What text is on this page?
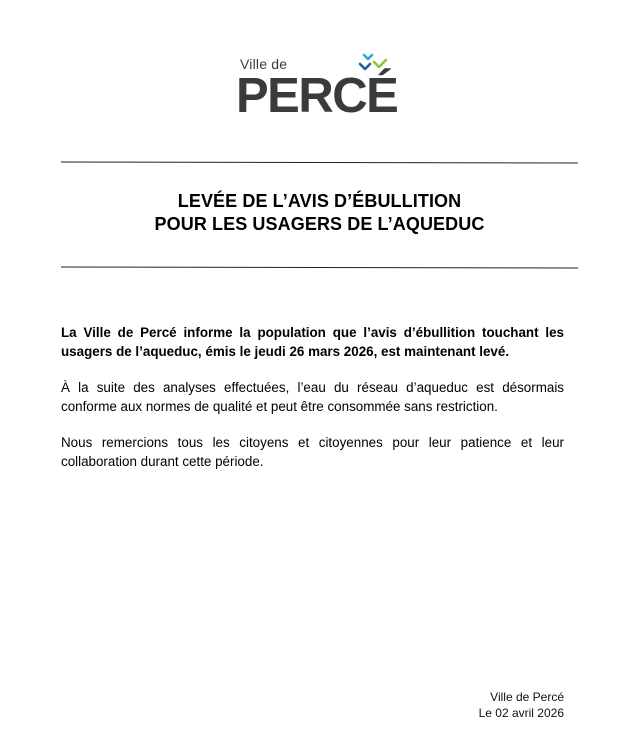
Ville de
PERCÉ
LEVÉE DE L’AVIS D’ÉBULLITION
POUR LES USAGERS DE L’AQUEDUC

La Ville de Percé informe la population que l’avis d’ébullition touchant les usagers de l’aqueduc, émis le jeudi 26 mars 2026, est maintenant levé.

À la suite des analyses effectuées, l’eau du réseau d’aqueduc est désormais conforme aux normes de qualité et peut être consommée sans restriction.

Nous remercions tous les citoyens et citoyennes pour leur patience et leur collaboration durant cette période.

Ville de Percé
Le 02 avril 2026
